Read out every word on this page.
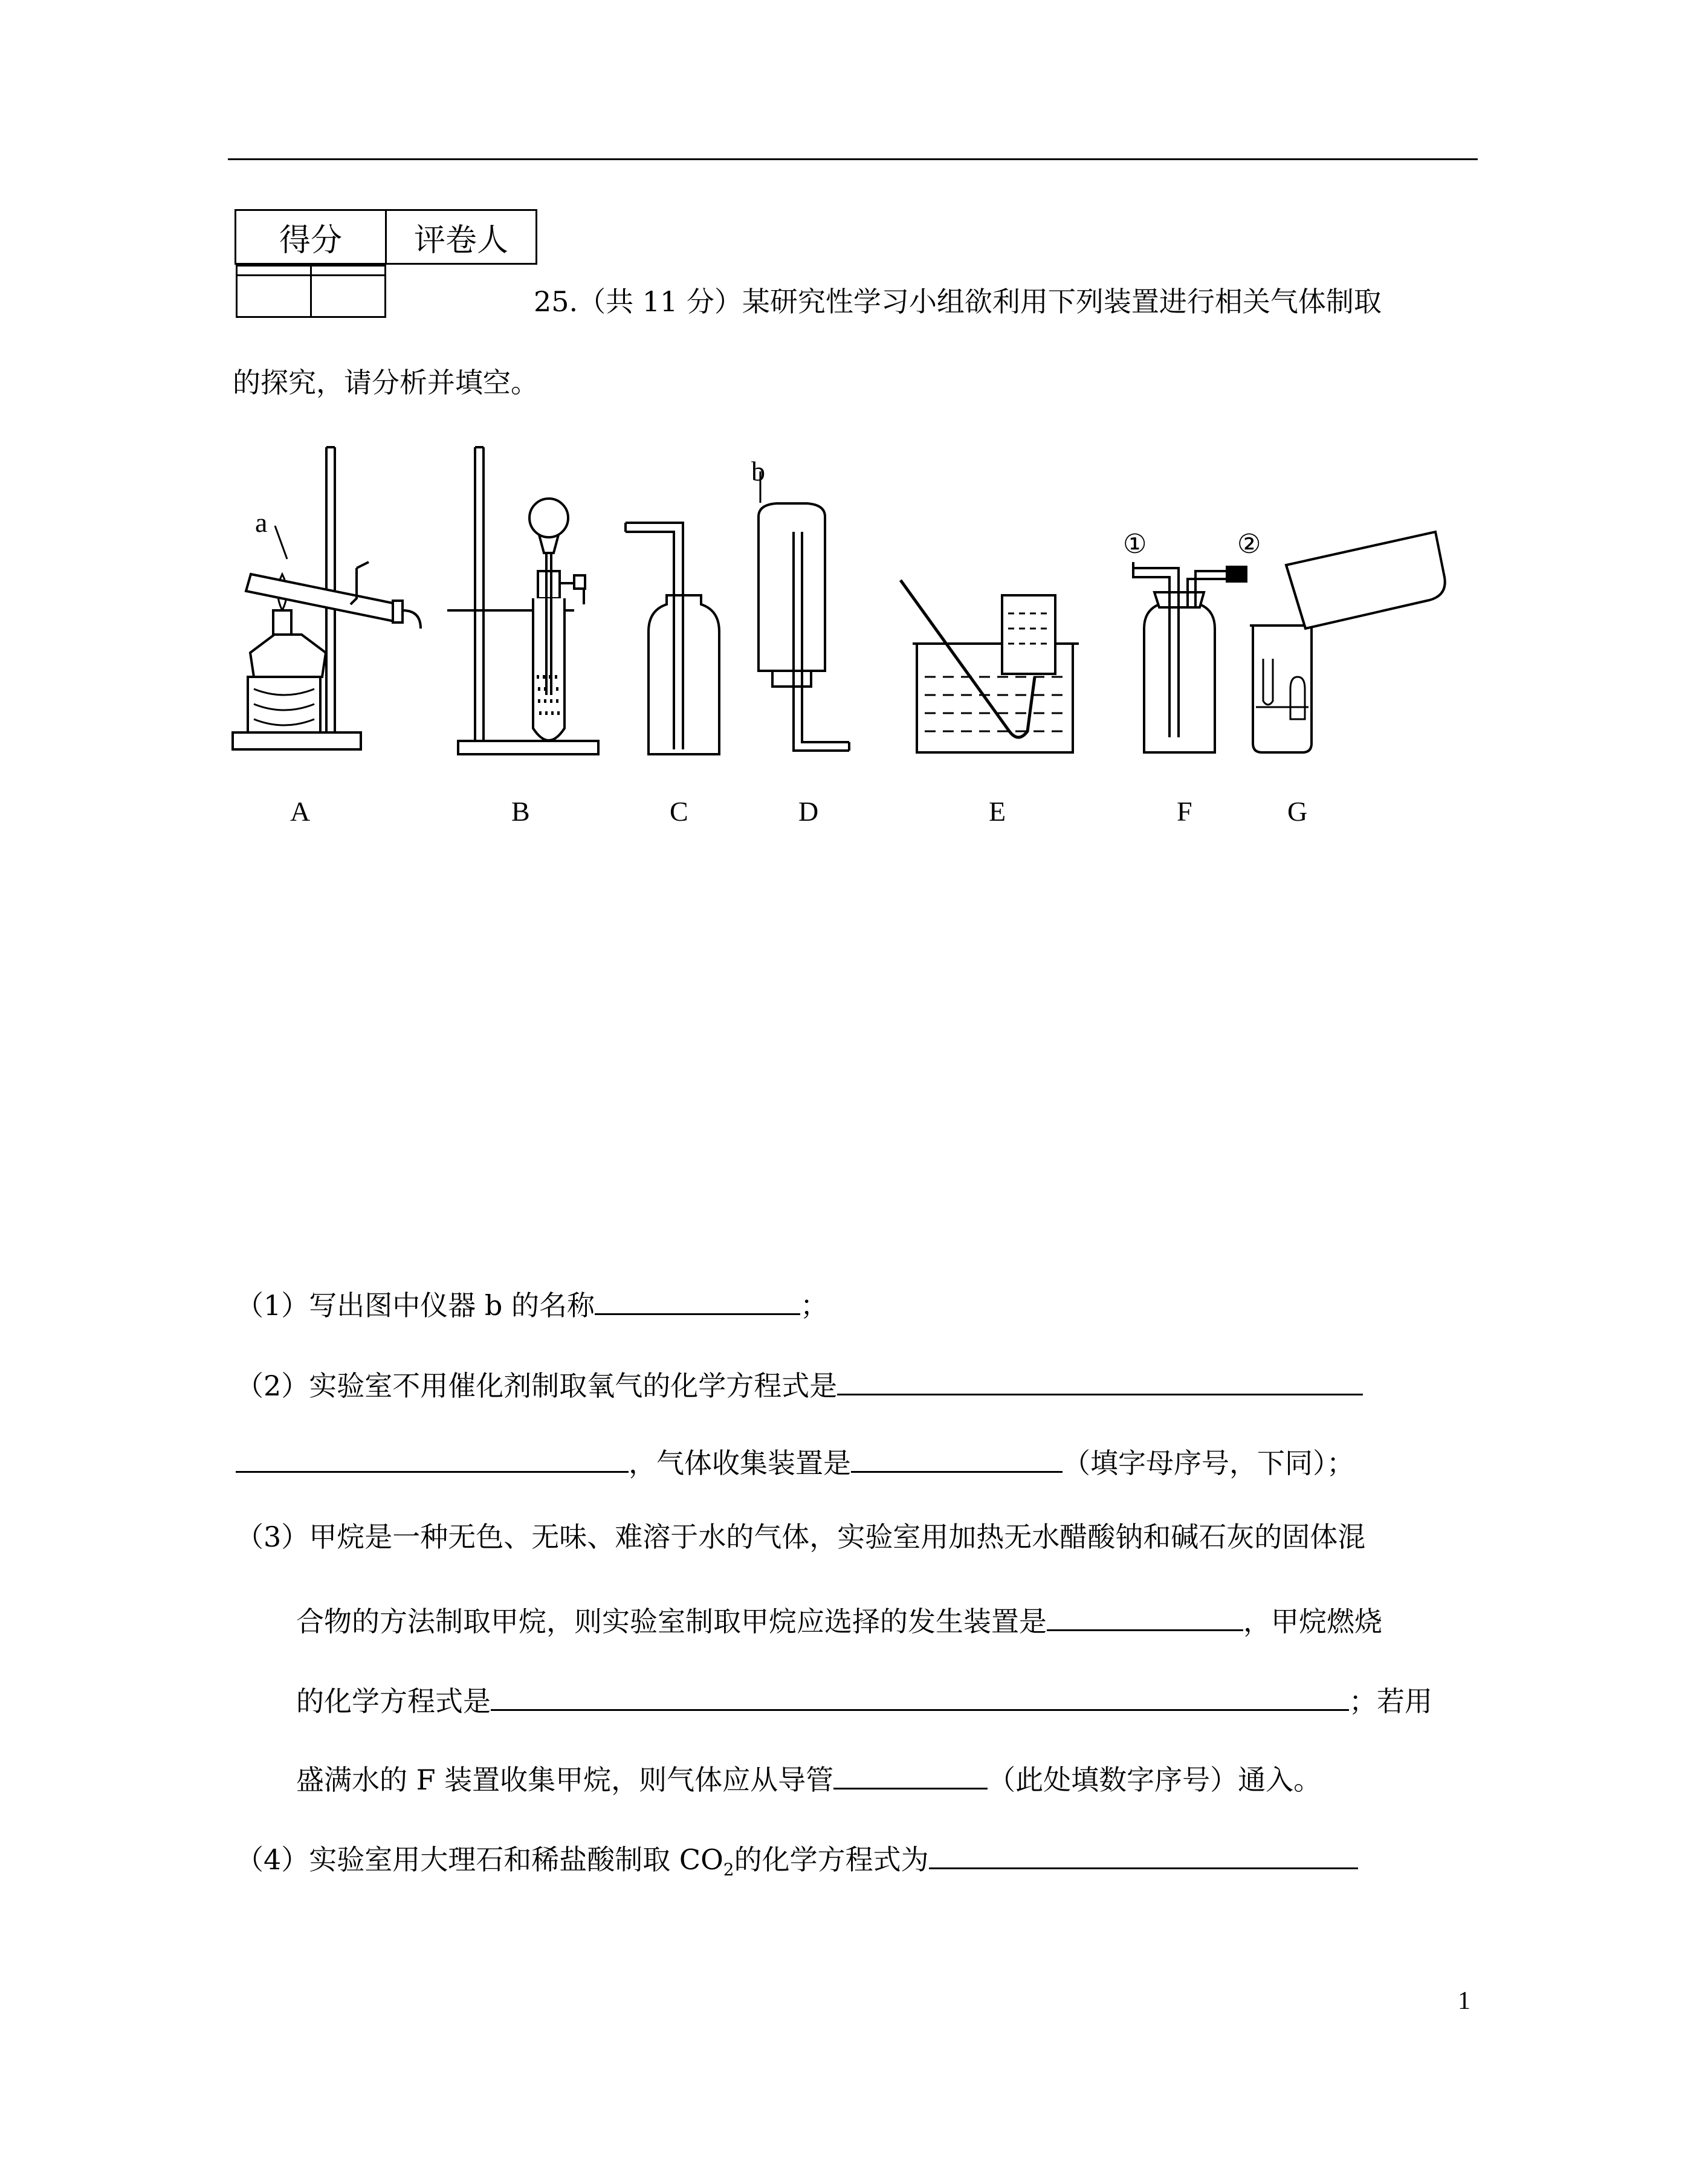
得分	评卷人

25.（共 11 分）某研究性学习小组欲利用下列装置进行相关气体制取
的探究，请分析并填空。
a
b
①	②
A	B	C	D	E	F	G
（1）写出图中仪器 b 的名称	；
（2）实验室不用催化剂制取氧气的化学方程式是
，气体收集装置是	（填字母序号，下同）；
（3）甲烷是一种无色、无味、难溶于水的气体，实验室用加热无水醋酸钠和碱石灰的固体混
合物的方法制取甲烷，则实验室制取甲烷应选择的发生装置是	，甲烷燃烧
的化学方程式是	；若用
盛满水的 F 装置收集甲烷，则气体应从导管	（此处填数字序号）通入。
（4）实验室用大理石和稀盐酸制取 $CO_2$的化学方程式为
1
